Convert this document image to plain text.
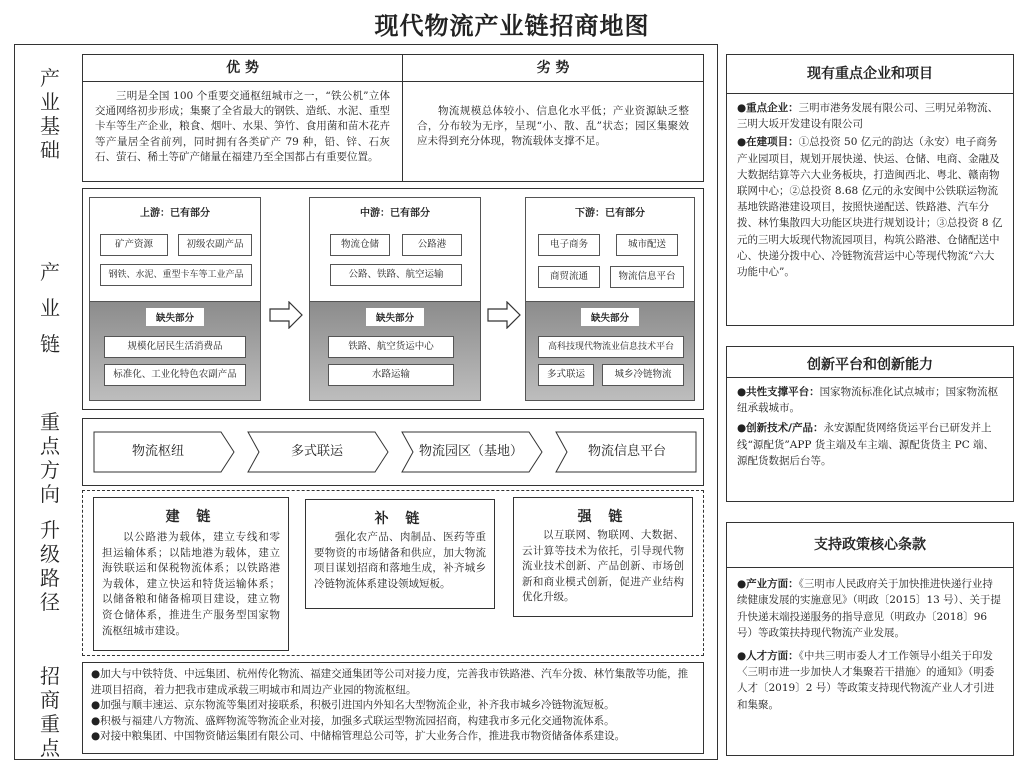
现代物流产业链招商地图
产业基础
产业链
重点方向
升级路径
招商重点
优 势
三明是全国 100 个重要交通枢纽城市之一，“铁公机”立体交通网络初步形成；集聚了全省最大的钢铁、造纸、水泥、重型卡车等生产企业，粮食、烟叶、水果、笋竹、食用菌和苗木花卉等产量居全省前列，同时拥有各类矿产 79 种，铅、锌、石灰石、萤石、稀土等矿产储量在福建乃至全国都占有重要位置。
劣 势
物流规模总体较小、信息化水平低；产业资源缺乏整合，分布较为无序，呈现“小、散、乱”状态；园区集聚效应未得到充分体现，物流载体支撑不足。
上游：已有部分
矿产资源	初级农副产品
钢铁、水泥、重型卡车等工业产品
缺失部分
规模化居民生活消费品
标准化、工业化特色农副产品
中游：已有部分
物流仓储	公路港
公路、铁路、航空运输
缺失部分
铁路、航空货运中心
水路运输
下游：已有部分
电子商务	城市配送
商贸流通	物流信息平台
缺失部分
高科技现代物流业信息技术平台
多式联运	城乡冷链物流
物流枢纽	多式联运	物流园区（基地）	物流信息平台
建 链
以公路港为载体，建立专线和零担运输体系；以陆地港为载体，建立海铁联运和保税物流体系；以铁路港为载体，建立快运和特货运输体系；以储备粮和储备棉项目建设，建立物资仓储体系，推进生产服务型国家物流枢纽城市建设。
补 链
强化农产品、肉制品、医药等重要物资的市场储备和供应，加大物流项目谋划招商和落地生成，补齐城乡冷链物流体系建设领域短板。
强 链
以互联网、物联网、大数据、云计算等技术为依托，引导现代物流业技术创新、产品创新、市场创新和商业模式创新，促进产业结构优化升级。
●加大与中铁特货、中远集团、杭州传化物流、福建交通集团等公司对接力度，完善我市铁路港、汽车分拨、林竹集散等功能，推进项目招商，着力把我市建成承载三明城市和周边产业园的物流枢纽。
●加强与顺丰速运、京东物流等集团对接联系，积极引进国内外知名大型物流企业，补齐我市城乡冷链物流短板。
●积极与福建八方物流、盛辉物流等物流企业对接，加强多式联运型物流园招商，构建我市多元化交通物流体系。
●对接中粮集团、中国物资储运集团有限公司、中储棉管理总公司等，扩大业务合作，推进我市物资储备体系建设。
现有重点企业和项目
●重点企业：三明市港务发展有限公司、三明兄弟物流、三明大坂开发建设有限公司
●在建项目：①总投资 50 亿元的韵达（永安）电子商务产业园项目，规划开展快递、快运、仓储、电商、金融及大数据结算等六大业务板块，打造闽西北、粤北、赣南物联网中心；②总投资 8.68 亿元的永安闽中公铁联运物流基地铁路港建设项目，按照快递配送、铁路港、汽车分拨、林竹集散四大功能区块进行规划设计；③总投资 8 亿元的三明大坂现代物流园项目，构筑公路港、仓储配送中心、快递分拨中心、冷链物流营运中心等现代物流“六大功能中心”。
创新平台和创新能力
●共性支撑平台：国家物流标准化试点城市；国家物流枢纽承载城市。
●创新技术/产品：永安源配货网络货运平台已研发并上线“源配货”APP 货主端及车主端、源配货货主 PC 端、源配货数据后台等。
支持政策核心条款
●产业方面：《三明市人民政府关于加快推进快递行业持续健康发展的实施意见》（明政〔2015〕13 号）、关于提升快递末端投递服务的指导意见（明政办〔2018〕96 号）等政策扶持现代物流产业发展。
●人才方面：《中共三明市委人才工作领导小组关于印发〈三明市进一步加快人才集聚若干措施〉的通知》（明委人才〔2019〕2 号）等政策支持现代物流产业人才引进和集聚。
